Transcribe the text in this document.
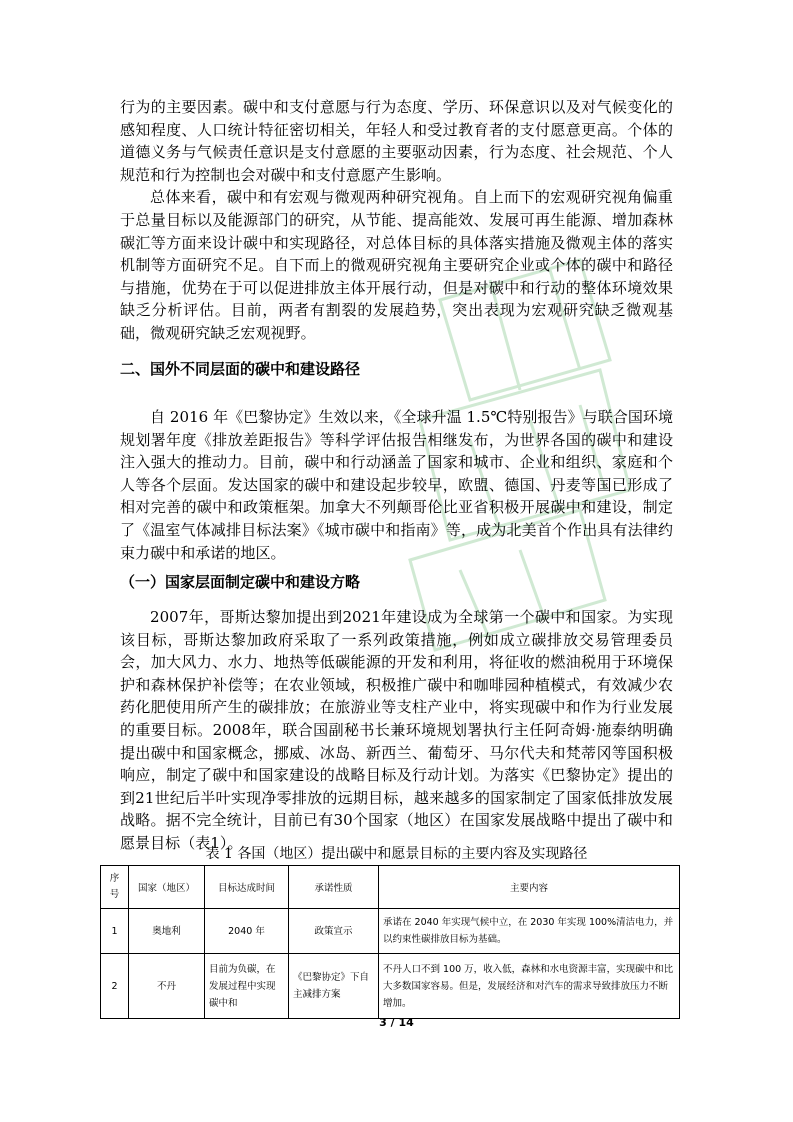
行为的主要因素。碳中和支付意愿与行为态度、学历、环保意识以及对气候变化的感知程度、人口统计特征密切相关，年轻人和受过教育者的支付愿意更高。个体的道德义务与气候责任意识是支付意愿的主要驱动因素，行为态度、社会规范、个人规范和行为控制也会对碳中和支付意愿产生影响。

总体来看，碳中和有宏观与微观两种研究视角。自上而下的宏观研究视角偏重于总量目标以及能源部门的研究，从节能、提高能效、发展可再生能源、增加森林碳汇等方面来设计碳中和实现路径，对总体目标的具体落实措施及微观主体的落实机制等方面研究不足。自下而上的微观研究视角主要研究企业或个体的碳中和路径与措施，优势在于可以促进排放主体开展行动，但是对碳中和行动的整体环境效果缺乏分析评估。目前，两者有割裂的发展趋势，突出表现为宏观研究缺乏微观基础，微观研究缺乏宏观视野。

二、国外不同层面的碳中和建设路径

自 2016 年《巴黎协定》生效以来，《全球升温 1.5℃特别报告》与联合国环境规划署年度《排放差距报告》等科学评估报告相继发布，为世界各国的碳中和建设注入强大的推动力。目前，碳中和行动涵盖了国家和城市、企业和组织、家庭和个人等各个层面。发达国家的碳中和建设起步较早，欧盟、德国、丹麦等国已形成了相对完善的碳中和政策框架。加拿大不列颠哥伦比亚省积极开展碳中和建设，制定了《温室气体减排目标法案》《城市碳中和指南》等，成为北美首个作出具有法律约束力碳中和承诺的地区。

（一）国家层面制定碳中和建设方略

2007年，哥斯达黎加提出到2021年建设成为全球第一个碳中和国家。为实现该目标，哥斯达黎加政府采取了一系列政策措施，例如成立碳排放交易管理委员会，加大风力、水力、地热等低碳能源的开发和利用，将征收的燃油税用于环境保护和森林保护补偿等；在农业领域，积极推广碳中和咖啡园种植模式，有效减少农药化肥使用所产生的碳排放；在旅游业等支柱产业中，将实现碳中和作为行业发展的重要目标。2008年，联合国副秘书长兼环境规划署执行主任阿奇姆·施泰纳明确提出碳中和国家概念，挪威、冰岛、新西兰、葡萄牙、马尔代夫和梵蒂冈等国积极响应，制定了碳中和国家建设的战略目标及行动计划。为落实《巴黎协定》提出的到21世纪后半叶实现净零排放的远期目标，越来越多的国家制定了国家低排放发展战略。据不完全统计，目前已有30个国家（地区）在国家发展战略中提出了碳中和愿景目标（表1）。

表 1 各国（地区）提出碳中和愿景目标的主要内容及实现路径

序
号	国家（地区）	目标达成时间	承诺性质	主要内容
1	奥地利	2040 年	政策宣示	承诺在 2040 年实现气候中立，在 2030 年实现 100%清洁电力，并以约束性碳排放目标为基础。
2	不丹	目前为负碳，在发展过程中实现碳中和	《巴黎协定》下自主减排方案	不丹人口不到 100 万，收入低，森林和水电资源丰富，实现碳中和比大多数国家容易。但是，发展经济和对汽车的需求导致排放压力不断增加。
3 / 14
